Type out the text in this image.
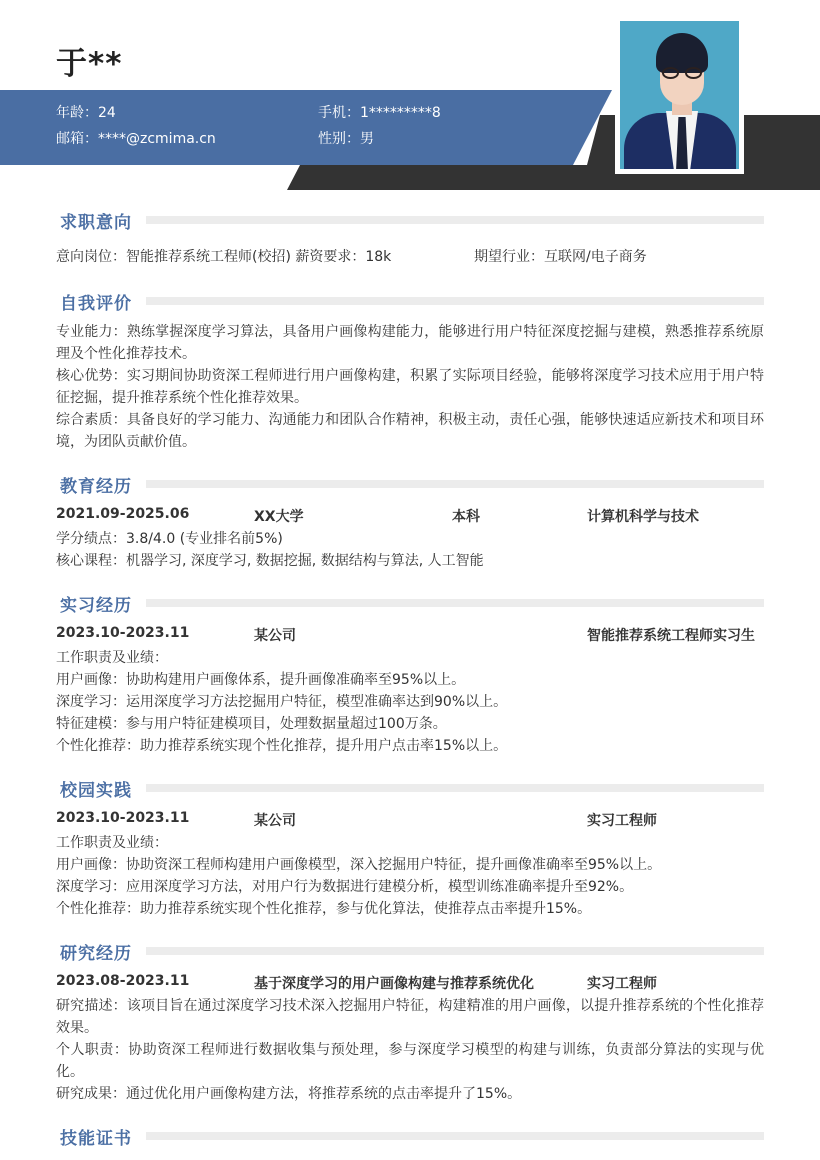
于**
年龄：24
邮箱：****@zcmima.cn
手机：1*********8
性别：男
求职意向
意向岗位：智能推荐系统工程师(校招) 薪资要求：18k	期望行业：互联网/电子商务
自我评价

专业能力：熟练掌握深度学习算法，具备用户画像构建能力，能够进行用户特征深度挖掘与建模，熟悉推荐系统原理及个性化推荐技术。

核心优势：实习期间协助资深工程师进行用户画像构建，积累了实际项目经验，能够将深度学习技术应用于用户特征挖掘，提升推荐系统个性化推荐效果。

综合素质：具备良好的学习能力、沟通能力和团队合作精神，积极主动，责任心强，能够快速适应新技术和项目环境，为团队贡献价值。

教育经历
2021.09-2025.06	XX大学	本科	计算机科学与技术
学分绩点：3.8/4.0 (专业排名前5%)
核心课程：机器学习, 深度学习, 数据挖掘, 数据结构与算法, 人工智能
实习经历
2023.10-2023.11	某公司	智能推荐系统工程师实习生
工作职责及业绩：
用户画像：协助构建用户画像体系，提升画像准确率至95%以上。
深度学习：运用深度学习方法挖掘用户特征，模型准确率达到90%以上。
特征建模：参与用户特征建模项目，处理数据量超过100万条。
个性化推荐：助力推荐系统实现个性化推荐，提升用户点击率15%以上。
校园实践
2023.10-2023.11	某公司	实习工程师
工作职责及业绩：
用户画像：协助资深工程师构建用户画像模型，深入挖掘用户特征，提升画像准确率至95%以上。
深度学习：应用深度学习方法，对用户行为数据进行建模分析，模型训练准确率提升至92%。
个性化推荐：助力推荐系统实现个性化推荐，参与优化算法，使推荐点击率提升15%。
研究经历
2023.08-2023.11	基于深度学习的用户画像构建与推荐系统优化	实习工程师

研究描述：该项目旨在通过深度学习技术深入挖掘用户特征，构建精准的用户画像，以提升推荐系统的个性化推荐效果。

个人职责：协助资深工程师进行数据收集与预处理，参与深度学习模型的构建与训练，负责部分算法的实现与优化。

研究成果：通过优化用户画像构建方法，将推荐系统的点击率提升了15%。

技能证书
